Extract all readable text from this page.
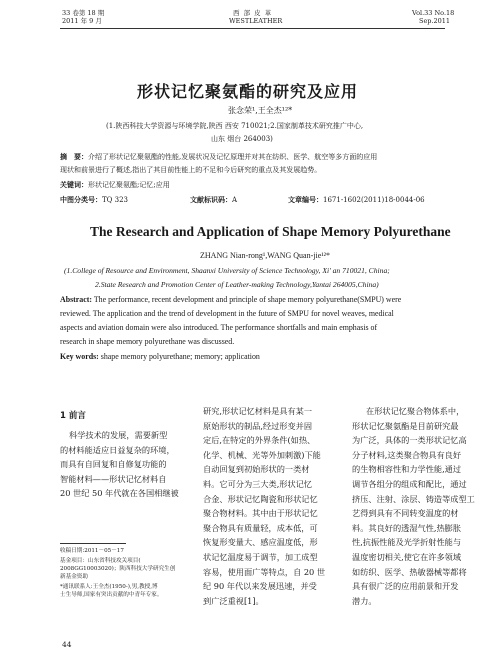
33 卷第 18 期
2011 年 9 月
西 部 皮 革
WESTLEATHER
Vol.33 No.18
Sep.2011
形状记忆聚氨酯的研究及应用
张念荣¹,王全杰¹²*
(1.陕西科技大学资源与环境学院,陕西 西安 710021;2.国家制革技术研究推广中心,
山东 烟台 264003)
摘　要：介绍了形状记忆聚氨酯的性能,发展状况及记忆原理并对其在纺织、医学、航空等多方面的应用
现状和前景进行了概述,指出了其目前性能上的不足和今后研究的重点及其发展趋势。
关键词：形状记忆聚氨酯;记忆;应用
中图分类号：TQ 323	文献标识码：A	文章编号：1671-1602(2011)18-0044-06
The Research and Application of Shape Memory Polyurethane
ZHANG Nian-rong¹,WANG Quan-jie¹²*
(1.College of Resource and Environment, Shaanxi University of Science Technology, Xi' an 710021, China;
2.State Research and Promotion Center of Leather-making Technology,Yantai 264005,China)
Abstract: The performance, recent development and principle of shape memory polyurethane(SMPU) were
reviewed. The application and the trend of development in the future of SMPU for novel weaves, medical
aspects and aviation domain were also introduced. The performance shortfalls and main emphasis of
research in shape memory polyurethane was discussed.
Key words: shape memory polyurethane; memory; application
1 前言

科学技术的发展，需要新型

的材料能适应日益复杂的环境，

而具有自回复和自修复功能的

智能材料——形状记忆材料自

20 世纪 50 年代就在各国相继被

收稿日期:2011－05－17
基金项目：山东省科技攻关项目(
2008GG10003020)；陕西科技大学研究生创
新基金资助
*通讯联系人:王全杰(1950-),男,教授,博
士生导师,国家有突出贡献的中青年专家。

研究,形状记忆材料是具有某一

原始形状的制品,经过形变并固

定后,在特定的外界条件(如热、

化学、机械、光等外加刺激)下能

自动回复到初始形状的一类材

料。它可分为三大类,形状记忆

合金、形状记忆陶瓷和形状记忆

聚合物材料。其中由于形状记忆

聚合物具有质量轻，成本低，可

恢复形变量大、感应温度低，形

状记忆温度易于调节，加工成型

容易，使用面广等特点，自 20 世

纪 90 年代以来发展迅速，并受

到广泛重视[1]。

在形状记忆聚合物体系中，

形状记忆聚氨酯是目前研究最

为广泛，具体的一类形状记忆高

分子材料,这类聚合物具有良好

的生物相容性和力学性能,通过

调节各组分的组成和配比，通过

挤压、注射、涂层、铸造等成型工

艺得到具有不同转变温度的材

料。其良好的透湿气性,热膨胀

性,抗振性能及光学折射性能与

温度密切相关,使它在许多领域

如纺织、医学、热敏器械等都将

具有很广泛的应用前景和开发

潜力。

44
